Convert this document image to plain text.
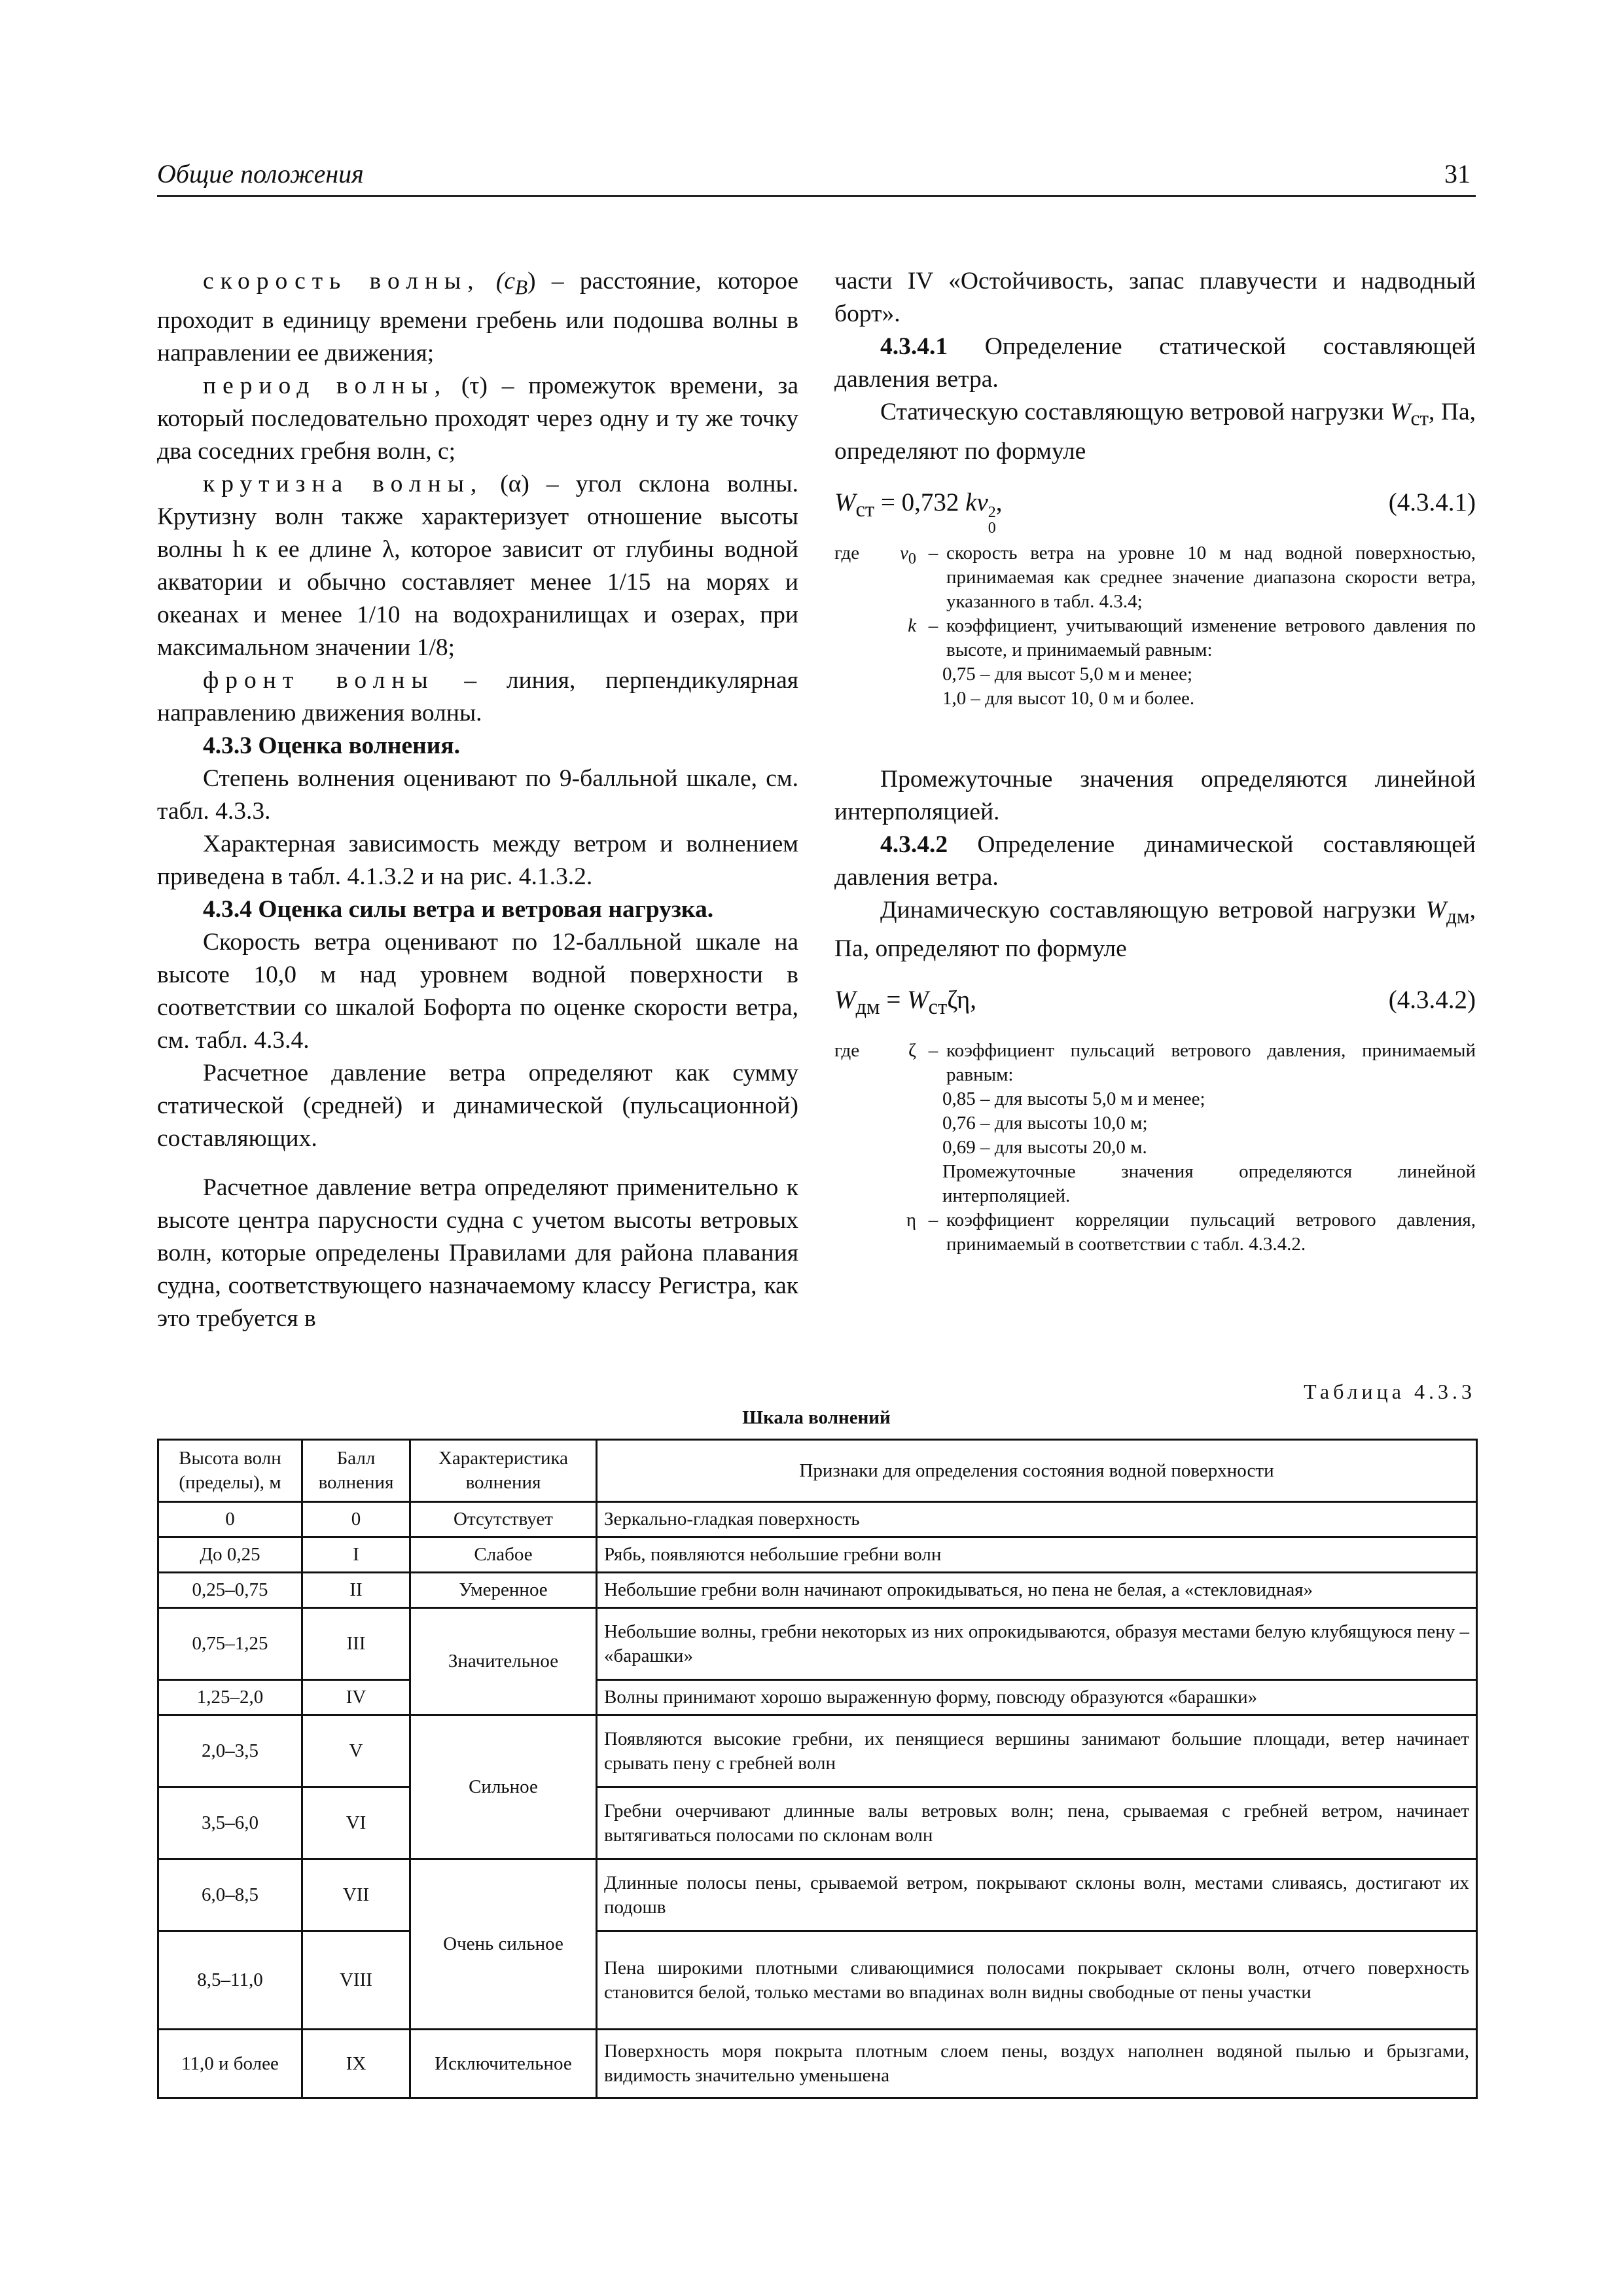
Общие положения	31

скорость волны, $(c_B)$ – расстояние, которое проходит в единицу времени гребень или подошва волны в направлении ее движения;

период волны, (τ) – промежуток времени, за который последовательно проходят через одну и ту же точку два соседних гребня волн, с;

крутизна волны, (α) – угол склона волны. Крутизну волн также характеризует отношение высоты волны h к ее длине λ, которое зависит от глубины водной акватории и обычно составляет менее 1/15 на морях и океанах и менее 1/10 на водохранилищах и озерах, при максимальном значении 1/8;

фронт волны – линия, перпендикулярная направлению движения волны.

4.3.3 Оценка волнения.

Степень волнения оценивают по 9-балльной шкале, см. табл. 4.3.3.

Характерная зависимость между ветром и волнением приведена в табл. 4.1.3.2 и на рис. 4.1.3.2.

4.3.4 Оценка силы ветра и ветровая нагрузка.

Скорость ветра оценивают по 12-балльной шкале на высоте 10,0 м над уровнем водной поверхности в соответствии со шкалой Бофорта по оценке скорости ветра, см. табл. 4.3.4.

Расчетное давление ветра определяют как сумму статической (средней) и динамической (пульсационной) составляющих.

Расчетное давление ветра определяют применительно к высоте центра парусности судна с учетом высоты ветровых волн, которые определены Правилами для района плавания судна, соответствующего назначаемому классу Регистра, как это требуется в

части IV «Остойчивость, запас плавучести и надводный борт».

4.3.4.1 Определение статической составляющей давления ветра.

Статическую составляющую ветровой нагрузки $W_{ст}$, Па, определяют по формуле

$W_{ст} = 0,732$ kv 2
0
,	(4.3.4.1)
где	$v_0$ – скорость ветра на уровне 10 м над водной поверхностью, принимаемая как среднее значение диапазона скорости ветра, указанного в табл. 4.3.4;
k – коэффициент, учитывающий изменение ветрового давления по высоте, и принимаемый равным:
0,75 – для высот 5,0 м и менее;
1,0 – для высот 10, 0 м и более.

Промежуточные значения определяются линейной интерполяцией.

4.3.4.2 Определение динамической составляющей давления ветра.

Динамическую составляющую ветровой нагрузки $W_{дм}$, Па, определяют по формуле

$W_{дм} = W_{ст}\zeta\eta$,	(4.3.4.2)
где	ζ – коэффициент пульсаций ветрового давления, принимаемый равным:
0,85 – для высоты 5,0 м и менее;
0,76 – для высоты 10,0 м;
0,69 – для высоты 20,0 м.
Промежуточные значения определяются линейной интерполяцией.
η – коэффициент корреляции пульсаций ветрового давления, принимаемый в соответствии с табл. 4.3.4.2.
Таблица 4.3.3
Шкала волнений
Высота волн (пределы), м	Балл волнения	Характеристика волнения	Признаки для определения состояния водной поверхности
0	0	Отсутствует	Зеркально-гладкая поверхность
До 0,25	I	Слабое	Рябь, появляются небольшие гребни волн
0,25–0,75	II	Умеренное	Небольшие гребни волн начинают опрокидываться, но пена не белая, а «стекловидная»
0,75–1,25	III	Значительное	Небольшие волны, гребни некоторых из них опрокидываются, образуя местами белую клубящуюся пену – «барашки»
1,25–2,0	IV		Волны принимают хорошо выраженную форму, повсюду образуются «барашки»
2,0–3,5	V	Сильное	Появляются высокие гребни, их пенящиеся вершины занимают большие площади, ветер начинает срывать пену с гребней волн
3,5–6,0	VI		Гребни очерчивают длинные валы ветровых волн; пена, срываемая с гребней ветром, начинает вытягиваться полосами по склонам волн
6,0–8,5	VII	Очень сильное	Длинные полосы пены, срываемой ветром, покрывают склоны волн, местами сливаясь, достигают их подошв
8,5–11,0	VIII		Пена широкими плотными сливающимися полосами покрывает склоны волн, отчего поверхность становится белой, только местами во впадинах волн видны свободные от пены участки
11,0 и более	IX	Исключительное	Поверхность моря покрыта плотным слоем пены, воздух наполнен водяной пылью и брызгами, видимость значительно уменьшена
